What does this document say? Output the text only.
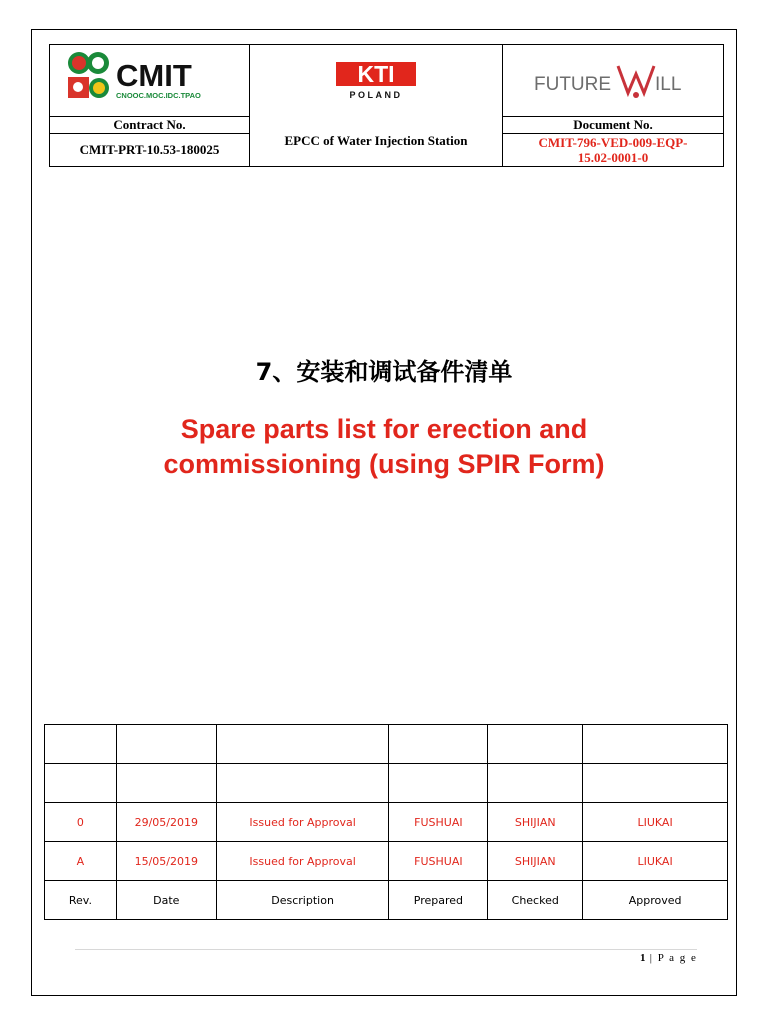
Contract No.
CMIT-PRT-10.53-180025
EPCC of Water Injection Station
Document No.
CMIT-796-VED-009-EQP-
15.02-0001-0
CMIT
CNOOC.MOC.IDC.TPAO
KTI
POLAND	FUTURE ILL
7、安装和调试备件清单
Spare parts list for erection and commissioning (using SPIR Form)

0	29/05/2019	Issued for Approval	FUSHUAI	SHIJIAN	LIUKAI
A	15/05/2019	Issued for Approval	FUSHUAI	SHIJIAN	LIUKAI
Rev.	Date	Description	Prepared	Checked	Approved
1 | P a g e
